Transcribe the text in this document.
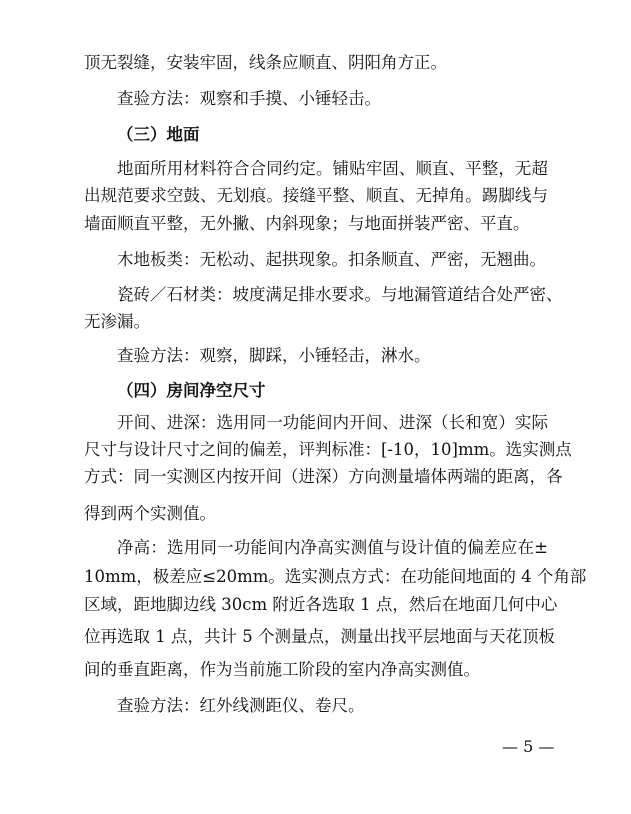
顶无裂缝，安装牢固，线条应顺直、阴阳角方正。
查验方法：观察和手摸、小锤轻击。
（三）地面
地面所用材料符合合同约定。铺贴牢固、顺直、平整，无超
出规范要求空鼓、无划痕。接缝平整、顺直、无掉角。踢脚线与
墙面顺直平整，无外撇、内斜现象；与地面拼装严密、平直。
木地板类：无松动、起拱现象。扣条顺直、严密，无翘曲。
瓷砖／石材类：坡度满足排水要求。与地漏管道结合处严密、
无渗漏。
查验方法：观察，脚踩，小锤轻击，淋水。
（四）房间净空尺寸
开间、进深：选用同一功能间内开间、进深（长和宽）实际
尺寸与设计尺寸之间的偏差，评判标准：[-10，10]mm。选实测点
方式：同一实测区内按开间（进深）方向测量墙体两端的距离，各
得到两个实测值。
净高：选用同一功能间内净高实测值与设计值的偏差应在±
10mm，极差应≤20mm。选实测点方式：在功能间地面的 4 个角部
区域，距地脚边线 30cm 附近各选取 1 点，然后在地面几何中心
位再选取 1 点，共计 5 个测量点，测量出找平层地面与天花顶板
间的垂直距离，作为当前施工阶段的室内净高实测值。
查验方法：红外线测距仪、卷尺。
— 5 —
